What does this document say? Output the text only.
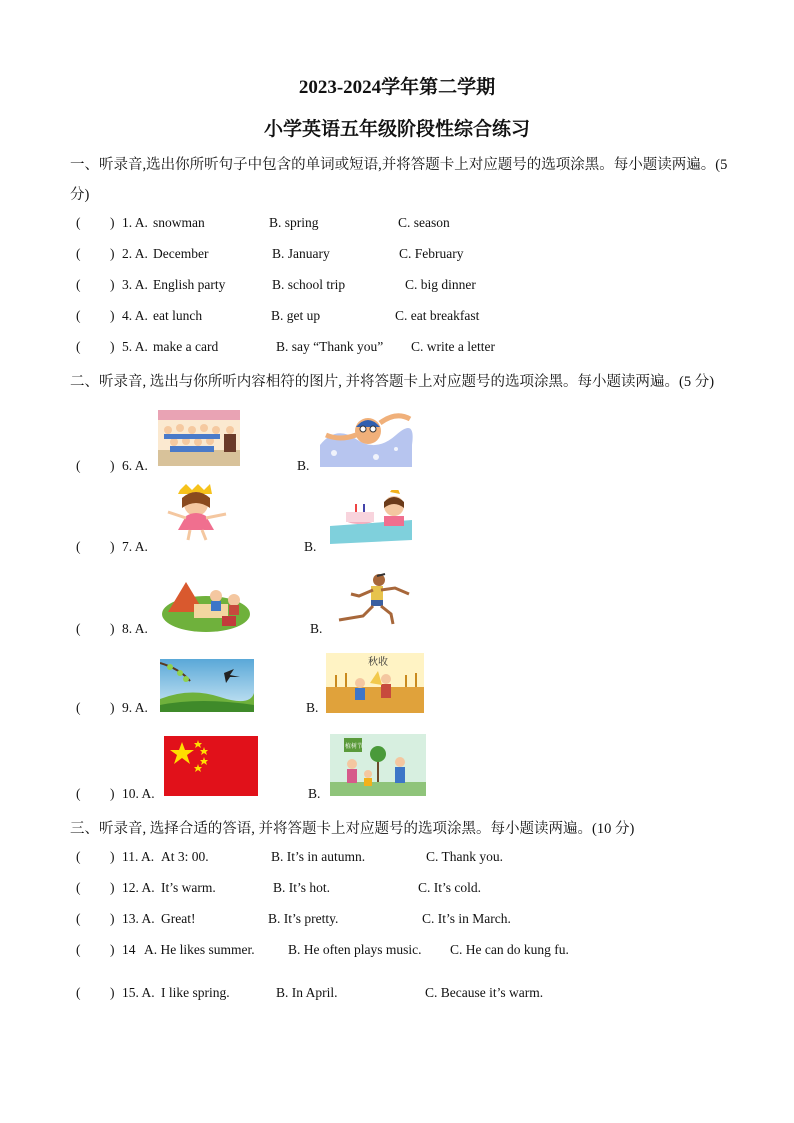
2023-2024学年第二学期
小学英语五年级阶段性综合练习
一、听录音,选出你所听句子中包含的单词或短语,并将答题卡上对应题号的选项涂黑。每小题读两遍。(5
分)
( ) 1. A. snowman	B. spring	C. season
( ) 2. A. December	B. January	C. February
( ) 3. A. English party	B. school trip	C. big dinner
( ) 4. A. eat lunch	B. get up	C. eat breakfast
( ) 5. A. make a card	B. say “Thank you” C. write a letter
二、听录音, 选出与你所听内容相符的图片, 并将答题卡上对应题号的选项涂黑。每小题读两遍。(5 分)
( ) 6. A.	B.
( ) 7. A.	B.
( ) 8. A.	B.
( ) 9. A.	B.
秋收
( ) 10. A.	B.
植树节
三、听录音, 选择合适的答语, 并将答题卡上对应题号的选项涂黑。每小题读两遍。(10 分)
( ) 11. A. At 3: 00.	B. It’s in autumn.	C. Thank you.
( ) 12. A. It’s warm.	B. It’s hot.	C. It’s cold.
( ) 13. A. Great!	B. It’s pretty.	C. It’s in March.
( ) 14 A. He likes summer. B. He often plays music. C. He can do kung fu.
( ) 15. A. I like spring.	B. In April.	C. Because it’s warm.
